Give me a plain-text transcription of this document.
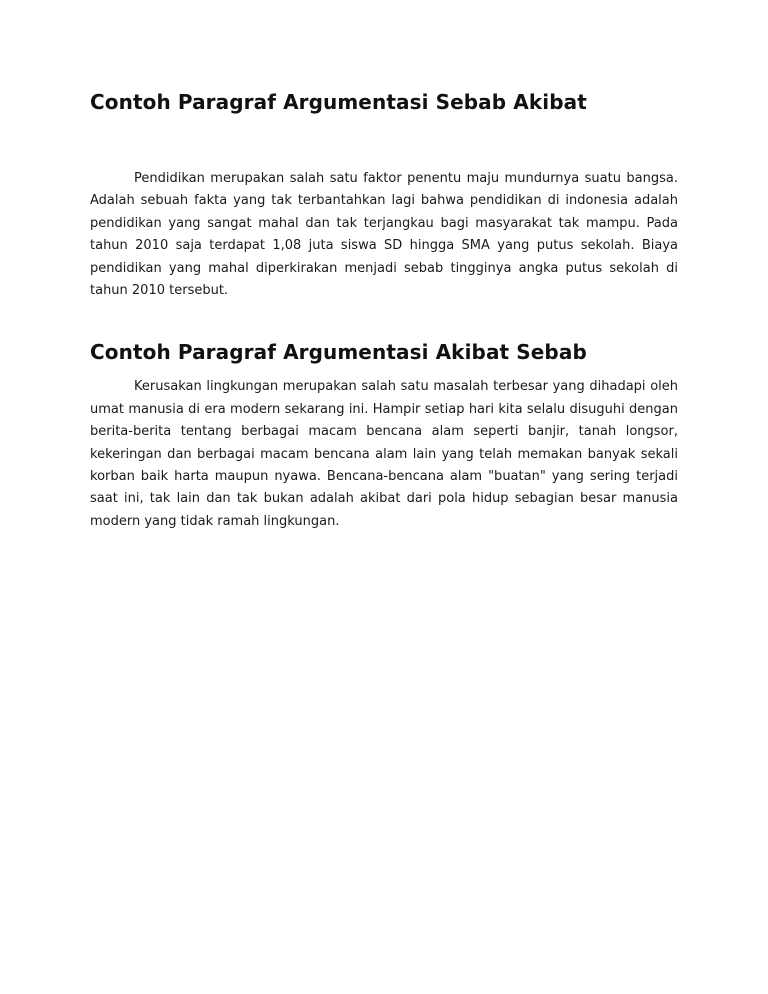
Contoh Paragraf Argumentasi Sebab Akibat

Pendidikan merupakan salah satu faktor penentu maju mundurnya suatu bangsa. Adalah sebuah fakta yang tak terbantahkan lagi bahwa pendidikan di indonesia adalah pendidikan yang sangat mahal dan tak terjangkau bagi masyarakat tak mampu. Pada tahun 2010 saja terdapat 1,08 juta siswa SD hingga SMA yang putus sekolah. Biaya pendidikan yang mahal diperkirakan menjadi sebab tingginya angka putus sekolah di tahun 2010 tersebut.

Contoh Paragraf Argumentasi Akibat Sebab

Kerusakan lingkungan merupakan salah satu masalah terbesar yang dihadapi oleh umat manusia di era modern sekarang ini. Hampir setiap hari kita selalu disuguhi dengan berita-berita tentang berbagai macam bencana alam seperti banjir, tanah longsor, kekeringan dan berbagai macam bencana alam lain yang telah memakan banyak sekali korban baik harta maupun nyawa. Bencana-bencana alam "buatan" yang sering terjadi saat ini, tak lain dan tak bukan adalah akibat dari pola hidup sebagian besar manusia modern yang tidak ramah lingkungan.
